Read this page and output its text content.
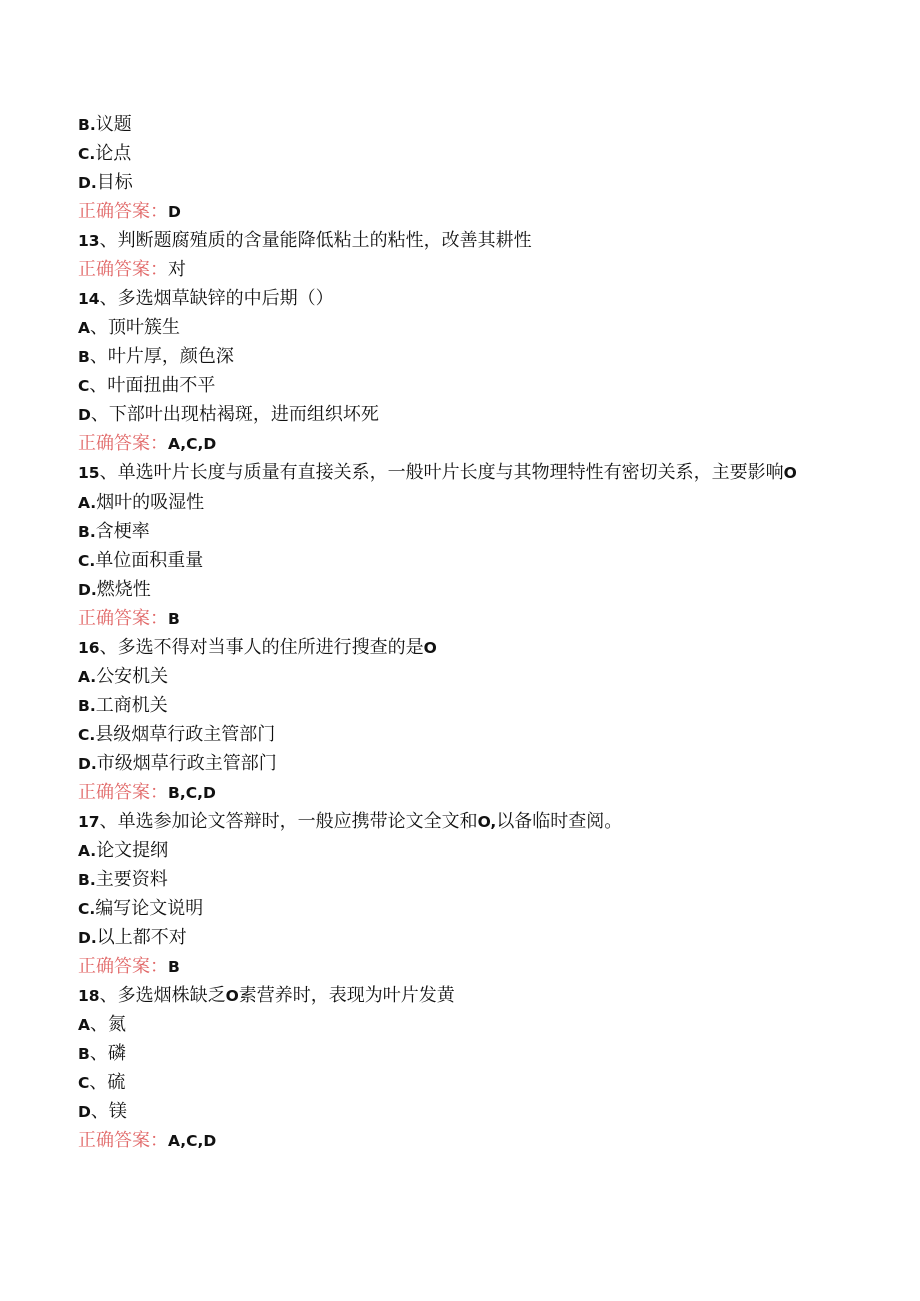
B.议题
C.论点
D.目标
正确答案：D
13、判断题腐殖质的含量能降低粘土的粘性，改善其耕性
正确答案：对
14、多选烟草缺锌的中后期（）
A、顶叶簇生
B、叶片厚，颜色深
C、叶面扭曲不平
D、下部叶出现枯褐斑，进而组织坏死
正确答案：A,C,D
15、单选叶片长度与质量有直接关系，一般叶片长度与其物理特性有密切关系，主要影响O
A.烟叶的吸湿性
B.含梗率
C.单位面积重量
D.燃烧性
正确答案：B
16、多选不得对当事人的住所进行搜查的是O
A.公安机关
B.工商机关
C.县级烟草行政主管部门
D.市级烟草行政主管部门
正确答案：B,C,D
17、单选参加论文答辩时，一般应携带论文全文和O,以备临时查阅。
A.论文提纲
B.主要资料
C.编写论文说明
D.以上都不对
正确答案：B
18、多选烟株缺乏O素营养时，表现为叶片发黄
A、氮
B、磷
C、硫
D、镁
正确答案：A,C,D
